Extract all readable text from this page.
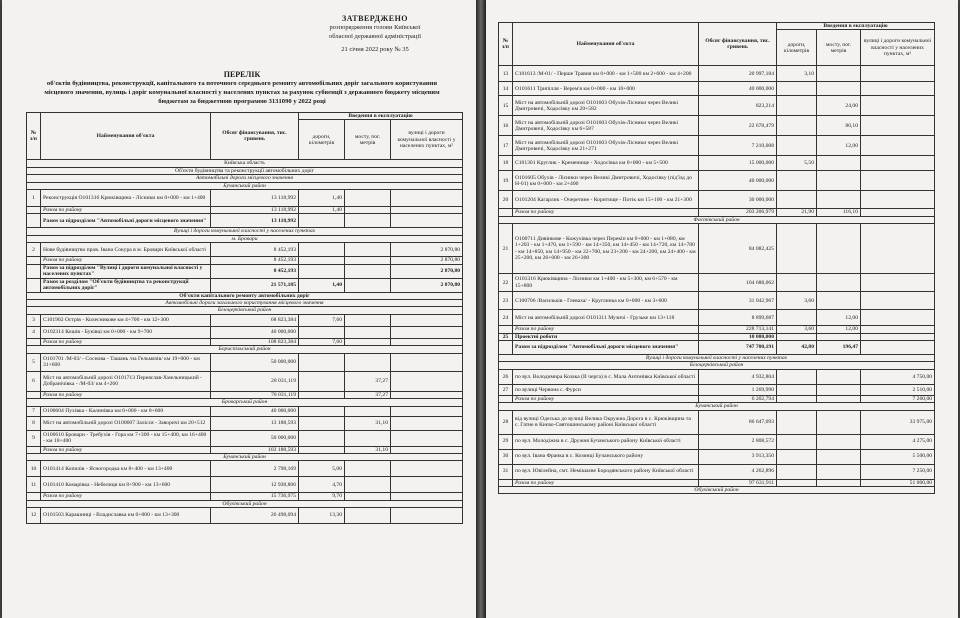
ЗАТВЕРДЖЕНО
розпорядження голови Київської
обласної державної адміністрації
21 січня 2022 року № 35
ПЕРЕЛІК
об'єктів будівництва, реконструкції, капітального та поточного середнього ремонту автомобільних доріг загального користування
місцевого значення, вулиць і доріг комунальної власності у населених пунктах за рахунок субвенції з державного бюджету місцевим
бюджетам за бюджетною програмою 3131090 у 2022 році
№ з/п	Найменування об'єкта	Обсяг фінансування, тис. гривень	Введення в експлуатацію		
			дороги, кілометрів	мосту, пог. метрів	вулиці і дороги комунальної власності у населених пунктах, м²
Київська область					
Об'єкти будівництва та реконструкції автомобільних доріг					
Автомобільні дороги місцевого значення					
Бучанський район					
1	Реконструкція О101316 Крюківщина - Лісники км 0+000 - км 1+400	13 118,992	1,40		
	Разом по району	13 118,992	1,40		
	Разом за підрозділом "Автомобільні дороги місцевого значення"	13 118,992			
Вулиці і дороги комунальної власності у населених пунктах					
м. Бровари					
2	Нове будівництво пров. Івана Сокура в м. Бровари Київської області	8 452,193			2 870,80
	Разом по району	8 452,193			2 870,80
	Разом за підрозділом "Вулиці і дороги комунальної власності у населених пунктах"	8 452,193			2 870,80
	Разом за розділом "Об'єкти будівництва та реконструкції автомобільних доріг"	21 571,185	1,40		2 870,80
Об'єкти капітального ремонту автомобільних доріг					
Автомобільні дороги загального користування місцевого значення					
Білоцерківський район					
3	С101902 Острів - Колесникове км 4+700 - км 12+300	68 823,384	7,60		
4	О102314 Кошів - Буківці км 0+000 - км 9+700	40 000,000			
	Разом по району	108 823,384	7,60		
Бориспільський район					
5	О101701 /М-03/ - Соснова - Ташань /на Гельмязів/ км 19+000 - км 31+600	50 000,000			
6	Міст на автомобільній дорозі О101713 Переяслав-Хмельницький - Добранічівка - /М-03/ км 4+260	28 031,119		37,27	
	Разом по району	78 031,119		37,27	
Броварський район					
7	О100604 Пухівка - Калинівка км 0+000 - км 8+600	40 000,000			
8	Міст на автомобільній дорозі О100607 Залісся - Заворичі км 20+512	13 188,593		31,10	
9	О100610 Бровари - Требухів - Гора км 7+300 - км 15+400, км 16+400 - км 18+400	50 000,000			
	Разом по району	103 188,593		31,10	
Бучанський район					
10	О101414 Копилів - Ясногородка км 8+400 - км 13+400	2 798,169	5,00		
11	О101410 Комарівка - Небелиця км 8+900 - км 13+600	12 938,806	4,70		
	Разом по району	15 736,975	9,70		
Обухівський район					
12	О101503 Карашинці - Владиславка км 0+000 - км 13+300	26 498,094	13,30		
№ з/п	Найменування об'єкта	Обсяг фінансування, тис. гривень	Введення в експлуатацію		
			дороги, кілометрів	мосту, пог. метрів	вулиці і дороги комунальної власності у населених пунктах, м²
13	С101613 /М-01/ - Перше Травня км 0+000 - км 1+500 км 2+600 - км 4+200	20 997,184	3,10		
14	О101611 Трипілля - Верем'я км 0+000 - км 10+000	40 000,000			
15	Міст на автомобільній дорозі О101603 Обухів-Лісники через Великі Дмитровичі, Ходосівку км 20+582	823,214		24,00	
16	Міст на автомобільній дорозі О101603 Обухів-Лісники через Великі Дмитровичі, Ходосівку км 6+587	22 678,479		80,10	
17	Міст на автомобільній дорозі О101603 Обухів-Лісники через Великі Дмитровичі, Ходосівку км 21+271	7 210,008		12,00	
18	С101301 Круглик - Кременище - Ходосівка км 0+000 - км 5+500	15 000,000	5,50		
19	О101605 Обухів - Лісники через Великі Дмитровичі, Ходосівку (під'їзд до Н-01) км 0+000 - км 2+400	40 000,000			
20	О101204 Кагарлик - Очеретяне - Коритище - Потік км 15+100 - км 21+300	30 000,000			
	Разом по району	203 206,979	21,90	116,10	
Фастівський район					
21	О100711 Дивінкове - Кожухівка через Перекіп км 0+000 - км 1+080, км 1+203 - км 1+470, км 1+590 - км 14+350, км 14+450 - км 14+720, км 14+780 - км 14+850, км 14+950 - км 22+700, км 23+200 - км 24+200, км 24+400 - км 25+200, км 26+000 - км 26+300	84 082,425			
22	О101316 Крюківщина - Лісники км 1+400 - км 5+300, км 6+570 - км 15+800	104 688,062			
23	С100706 /Васильків - Глеваха/ - Круглинка км 0+000 - км 3+600	31 042,967	3,60		
24	Міст на автомобільній дорозі О101311 Музичі - Грузьке км 13+118	8 899,687		12,00	
	Разом по району	228 713,141	3,60	12,00	
25	Проектні роботи	10 000,000			
	Разом за підрозділом "Автомобільні дороги місцевого значення"	747 700,191	42,80	196,47	
Вулиці і дороги комунальної власності у населених пунктах					
Білоцерківський район					
26	по вул. Володимира Козака (ІІ черга) в с. Мала Антонівка Київської області	4 932,804			4 750,00
27	по вулиці Червона с. Фурси	1 269,990			2 510,00
	Разом по району	6 202,794			7 260,00
Бучанський район					
28	від вулиці Одеська до вулиці Велика Окружна Дорога в с. Крюківщина та с. Гатне в Києво-Святошинському районі Київської області	86 647,093			33 975,00
29	по вул. Молодіжна в с. Дружня Бучанського району Київської області	2 808,572			4 275,00
30	по вул. Івана Франка в с. Козинці Бучанського району	3 913,350			5 500,00
31	по вул. Ювілейна, смт. Немішаєве Бородянського району Київської області	4 262,896			7 250,00
	Разом по району	97 631,911			51 000,00
Обухівський район					
